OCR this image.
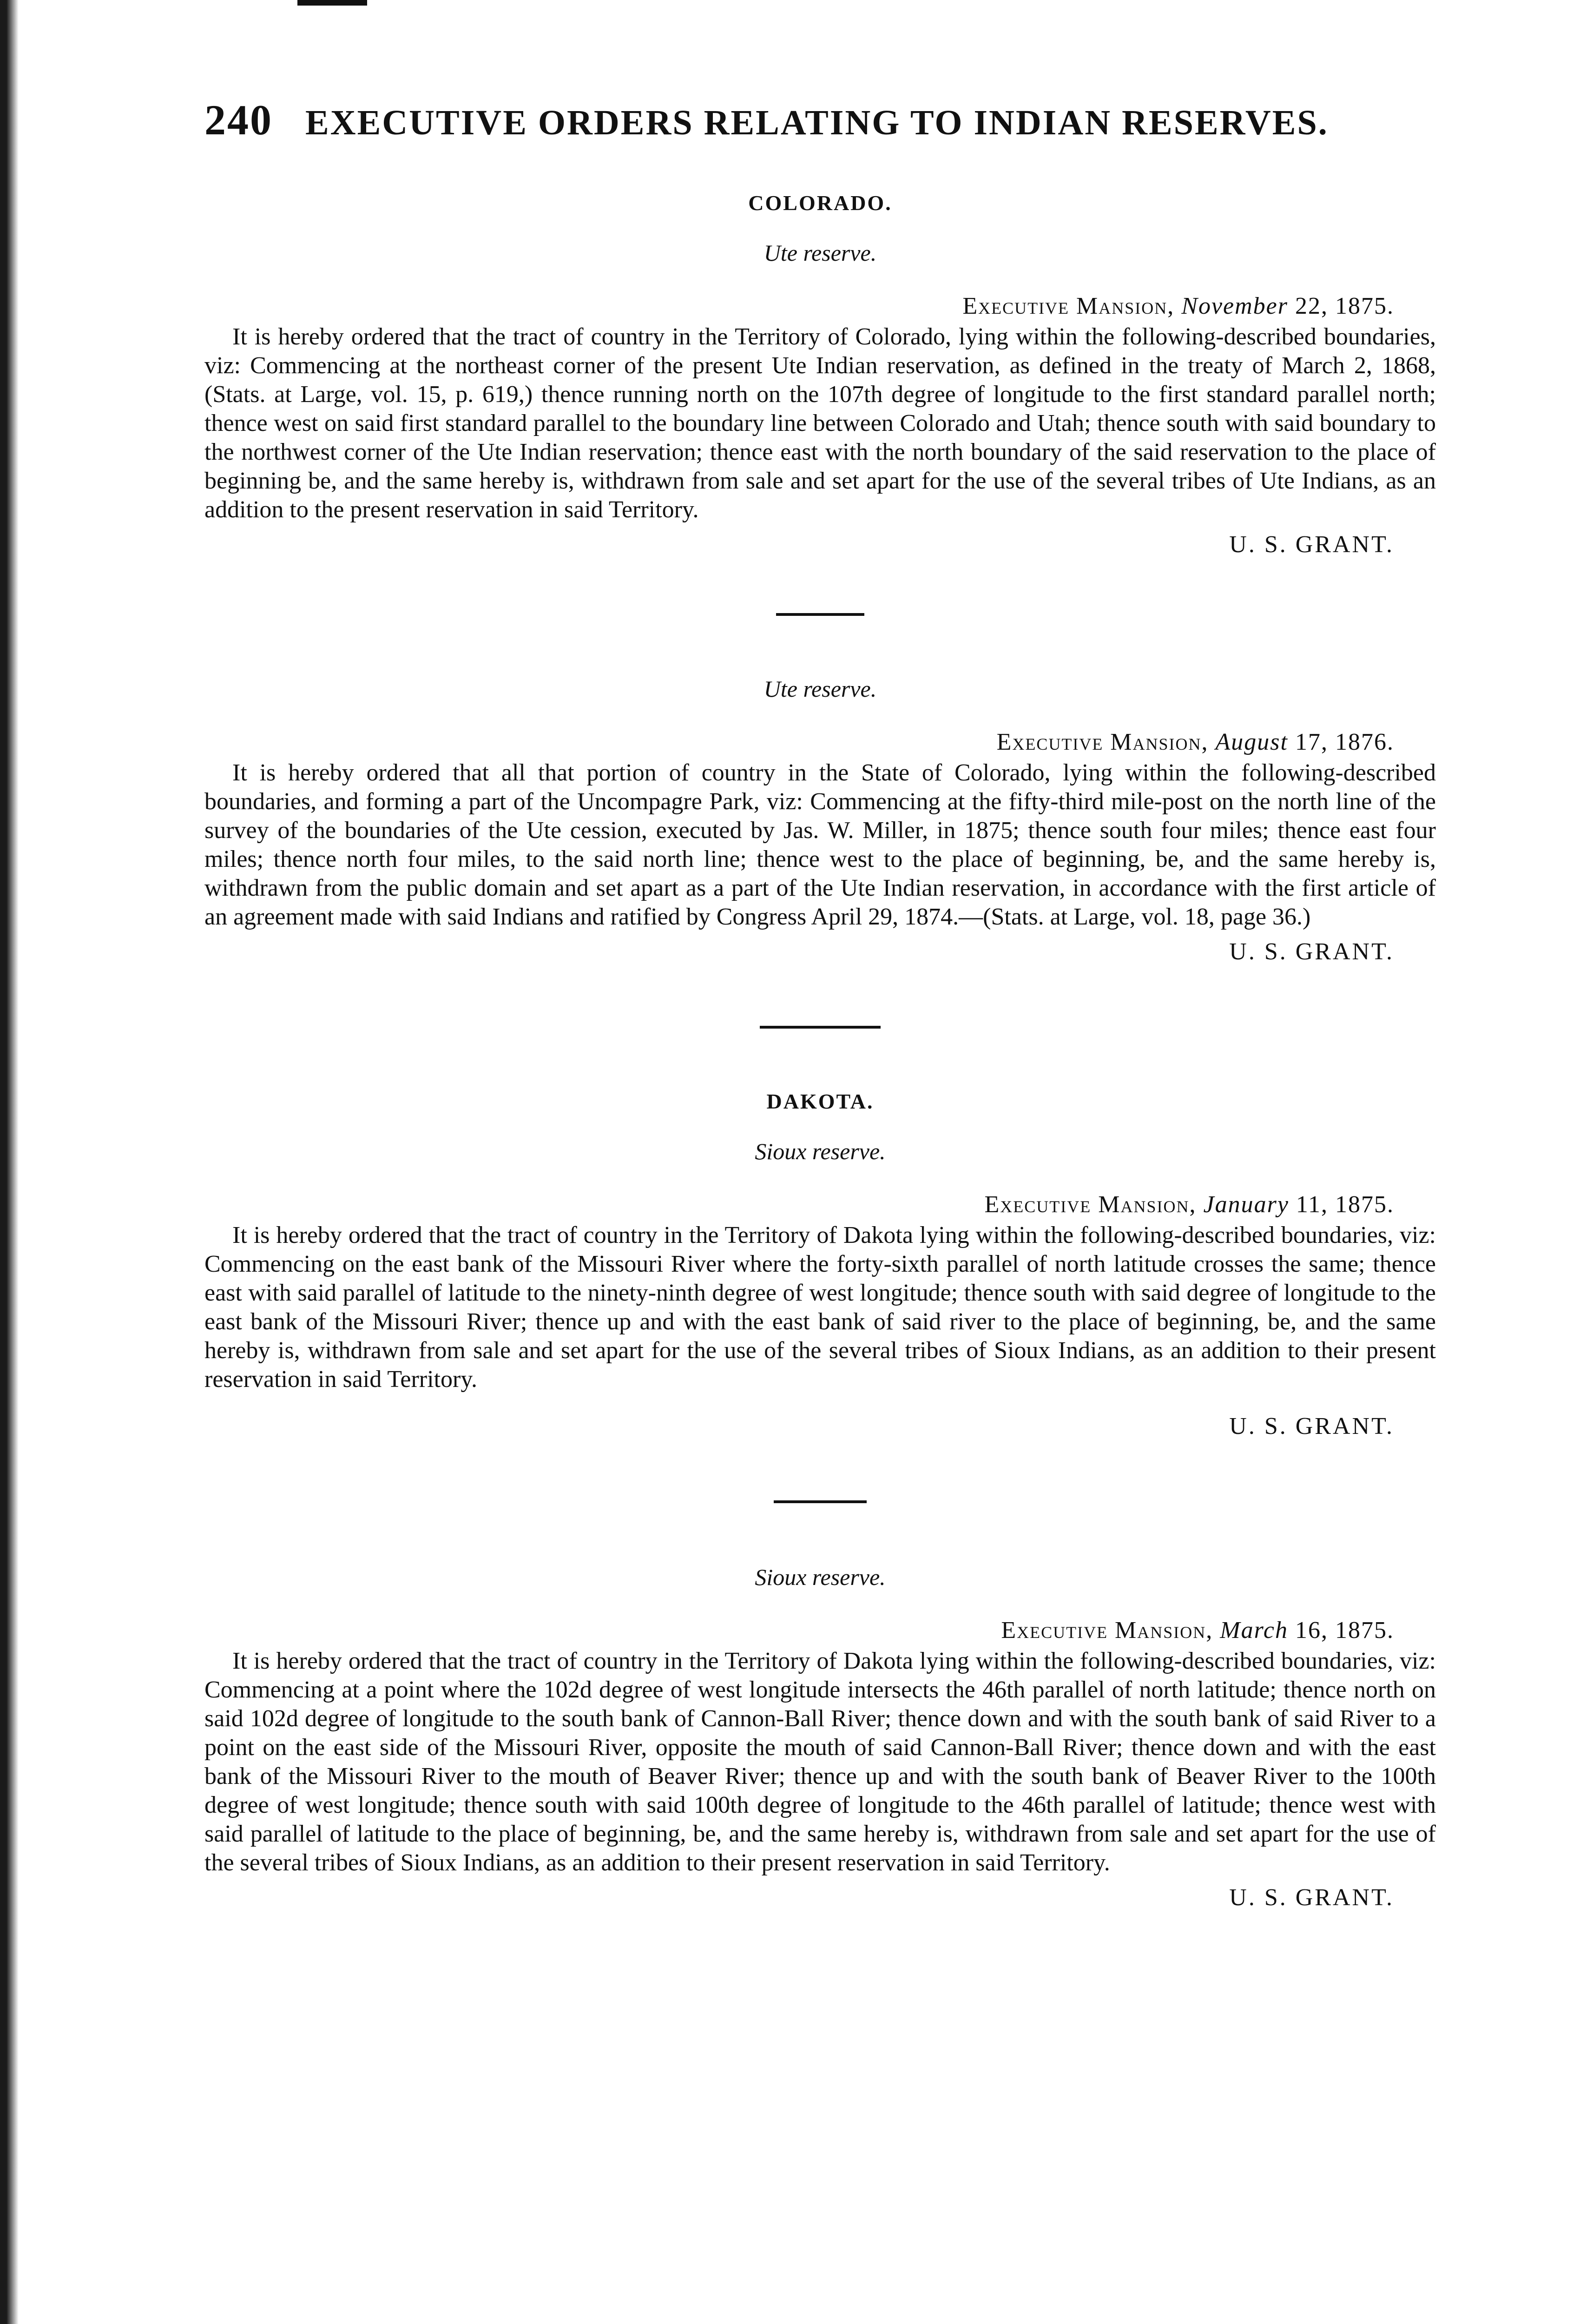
240 EXECUTIVE ORDERS RELATING TO INDIAN RESERVES.
COLORADO.
Ute reserve.
Executive Mansion, November 22, 1875.

It is hereby ordered that the tract of country in the Territory of Colorado, lying within the following-described boundaries, viz: Commencing at the northeast corner of the present Ute Indian reservation, as defined in the treaty of March 2, 1868, (Stats. at Large, vol. 15, p. 619,) thence running north on the 107th degree of longitude to the first standard parallel north; thence west on said first standard parallel to the boundary line between Colorado and Utah; thence south with said boundary to the northwest corner of the Ute Indian reservation; thence east with the north boundary of the said reservation to the place of beginning be, and the same hereby is, withdrawn from sale and set apart for the use of the several tribes of Ute Indians, as an addition to the present reservation in said Territory.

U. S. GRANT.
Ute reserve.
Executive Mansion, August 17, 1876.

It is hereby ordered that all that portion of country in the State of Colorado, lying within the following-described boundaries, and forming a part of the Uncompagre Park, viz: Commencing at the fifty-third mile-post on the north line of the survey of the boundaries of the Ute cession, executed by Jas. W. Miller, in 1875; thence south four miles; thence east four miles; thence north four miles, to the said north line; thence west to the place of beginning, be, and the same hereby is, withdrawn from the public domain and set apart as a part of the Ute Indian reservation, in accordance with the first article of an agreement made with said Indians and ratified by Congress April 29, 1874.—(Stats. at Large, vol. 18, page 36.)

U. S. GRANT.
DAKOTA.
Sioux reserve.
Executive Mansion, January 11, 1875.

It is hereby ordered that the tract of country in the Territory of Dakota lying within the following-described boundaries, viz: Commencing on the east bank of the Missouri River where the forty-sixth parallel of north latitude crosses the same; thence east with said parallel of latitude to the ninety-ninth degree of west longitude; thence south with said degree of longitude to the east bank of the Missouri River; thence up and with the east bank of said river to the place of beginning, be, and the same hereby is, withdrawn from sale and set apart for the use of the several tribes of Sioux Indians, as an addition to their present reservation in said Territory.

U. S. GRANT.
Sioux reserve.
Executive Mansion, March 16, 1875.

It is hereby ordered that the tract of country in the Territory of Dakota lying within the following-described boundaries, viz: Commencing at a point where the 102d degree of west longitude intersects the 46th parallel of north latitude; thence north on said 102d degree of longitude to the south bank of Cannon-Ball River; thence down and with the south bank of said River to a point on the east side of the Missouri River, opposite the mouth of said Cannon-Ball River; thence down and with the east bank of the Missouri River to the mouth of Beaver River; thence up and with the south bank of Beaver River to the 100th degree of west longitude; thence south with said 100th degree of longitude to the 46th parallel of latitude; thence west with said parallel of latitude to the place of beginning, be, and the same hereby is, withdrawn from sale and set apart for the use of the several tribes of Sioux Indians, as an addition to their present reservation in said Territory.

U. S. GRANT.
